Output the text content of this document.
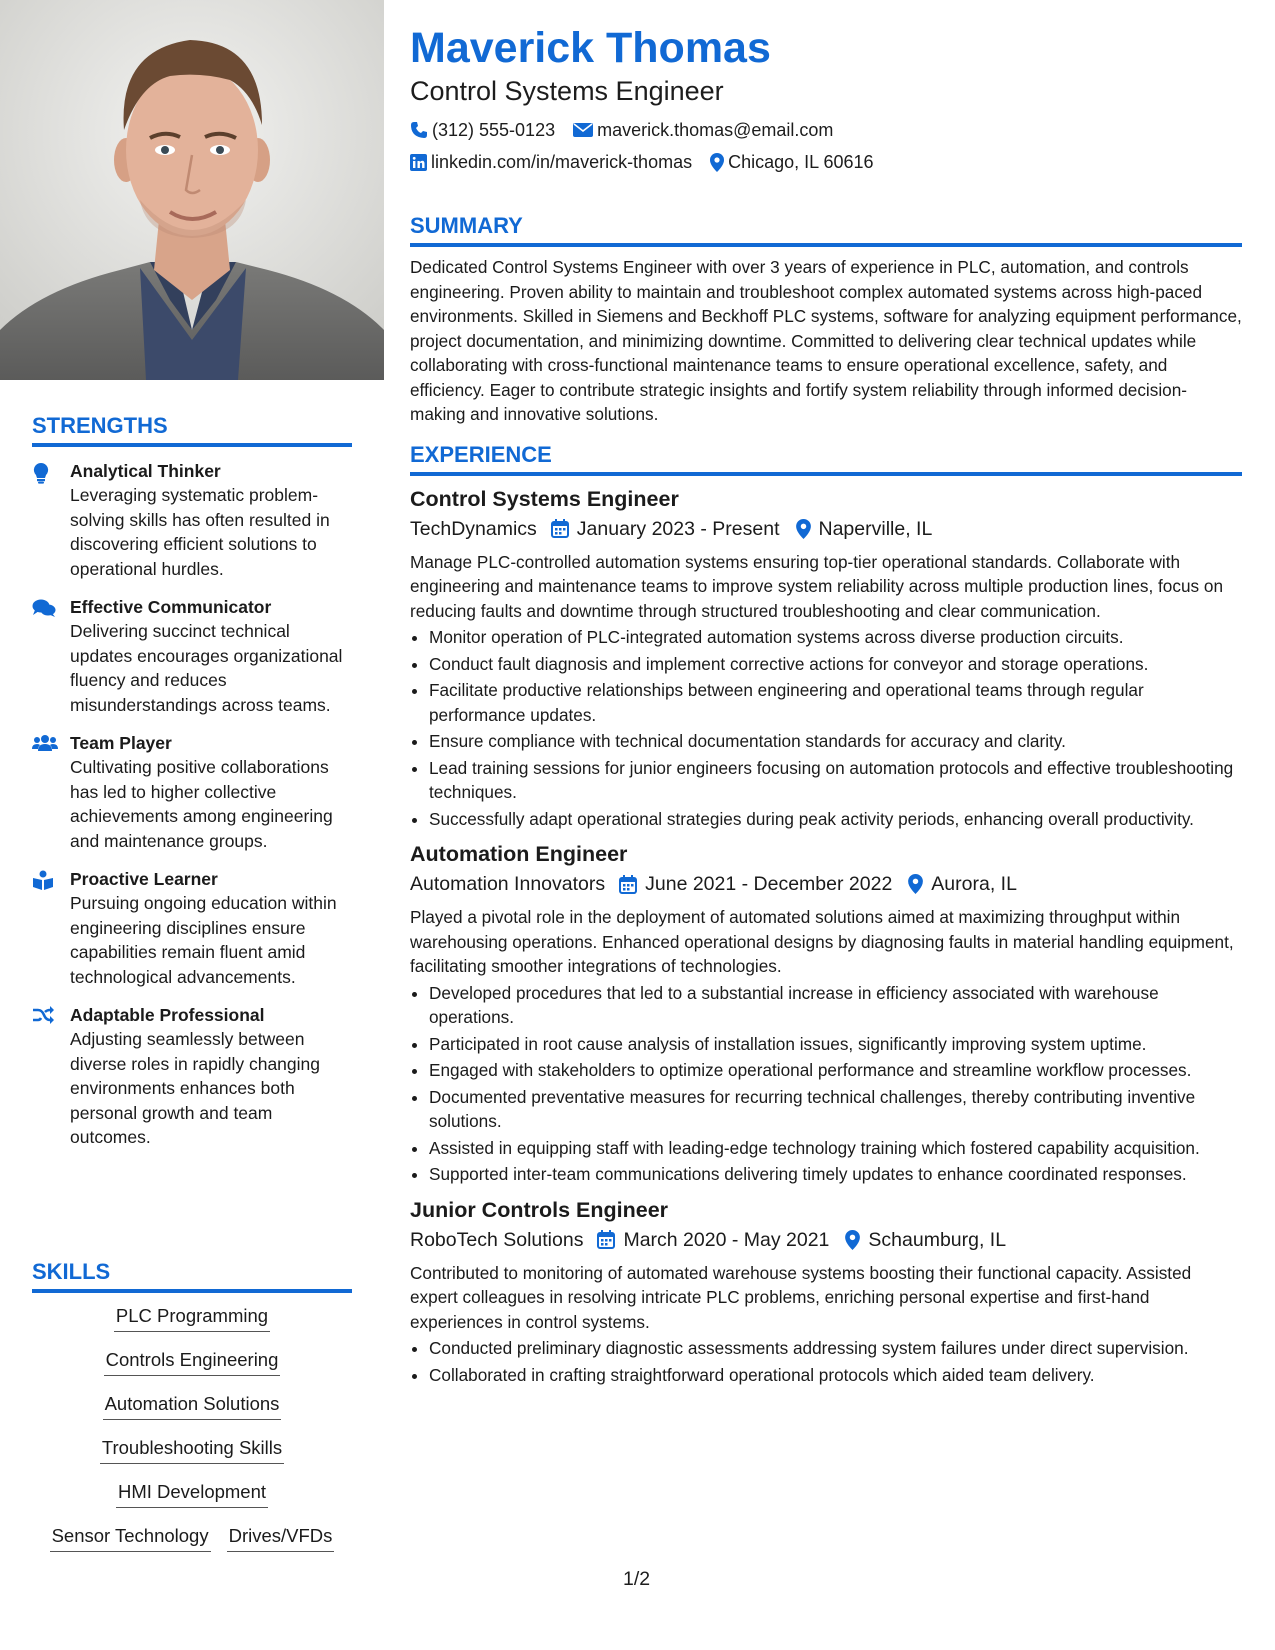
STRENGTHS
Analytical Thinker
Leveraging systematic problem-solving skills has often resulted in discovering efficient solutions to operational hurdles.
Effective Communicator
Delivering succinct technical updates encourages organizational fluency and reduces misunderstandings across teams.
Team Player
Cultivating positive collaborations has led to higher collective achievements among engineering and maintenance groups.
Proactive Learner
Pursuing ongoing education within engineering disciplines ensure capabilities remain fluent amid technological advancements.
Adaptable Professional
Adjusting seamlessly between diverse roles in rapidly changing environments enhances both personal growth and team outcomes.
SKILLS
PLC Programming
Controls Engineering
Automation Solutions
Troubleshooting Skills
HMI Development
Sensor Technology Drives/VFDs
Maverick Thomas
Control Systems Engineer
(312) 555-0123 maverick.thomas@email.com
linkedin.com/in/maverick-thomas Chicago, IL 60616
SUMMARY

Dedicated Control Systems Engineer with over 3 years of experience in PLC, automation, and controls engineering. Proven ability to maintain and troubleshoot complex automated systems across high-paced environments. Skilled in Siemens and Beckhoff PLC systems, software for analyzing equipment performance, project documentation, and minimizing downtime. Committed to delivering clear technical updates while collaborating with cross-functional maintenance teams to ensure operational excellence, safety, and efficiency. Eager to contribute strategic insights and fortify system reliability through informed decision-making and innovative solutions.

EXPERIENCE
Control Systems Engineer
TechDynamics January 2023 - Present Naperville, IL
Manage PLC-controlled automation systems ensuring top-tier operational standards. Collaborate with engineering and maintenance teams to improve system reliability across multiple production lines, focus on reducing faults and downtime through structured troubleshooting and clear communication.
• Monitor operation of PLC-integrated automation systems across diverse production circuits.
• Conduct fault diagnosis and implement corrective actions for conveyor and storage operations.
• Facilitate productive relationships between engineering and operational teams through regular performance updates.
• Ensure compliance with technical documentation standards for accuracy and clarity.
• Lead training sessions for junior engineers focusing on automation protocols and effective troubleshooting techniques.
• Successfully adapt operational strategies during peak activity periods, enhancing overall productivity.
Automation Engineer
Automation Innovators June 2021 - December 2022 Aurora, IL
Played a pivotal role in the deployment of automated solutions aimed at maximizing throughput within warehousing operations. Enhanced operational designs by diagnosing faults in material handling equipment, facilitating smoother integrations of technologies.
• Developed procedures that led to a substantial increase in efficiency associated with warehouse operations.
• Participated in root cause analysis of installation issues, significantly improving system uptime.
• Engaged with stakeholders to optimize operational performance and streamline workflow processes.
• Documented preventative measures for recurring technical challenges, thereby contributing inventive solutions.
• Assisted in equipping staff with leading-edge technology training which fostered capability acquisition.
• Supported inter-team communications delivering timely updates to enhance coordinated responses.
Junior Controls Engineer
RoboTech Solutions March 2020 - May 2021 Schaumburg, IL
Contributed to monitoring of automated warehouse systems boosting their functional capacity. Assisted expert colleagues in resolving intricate PLC problems, enriching personal expertise and first-hand experiences in control systems.
• Conducted preliminary diagnostic assessments addressing system failures under direct supervision.
• Collaborated in crafting straightforward operational protocols which aided team delivery.
1/2
